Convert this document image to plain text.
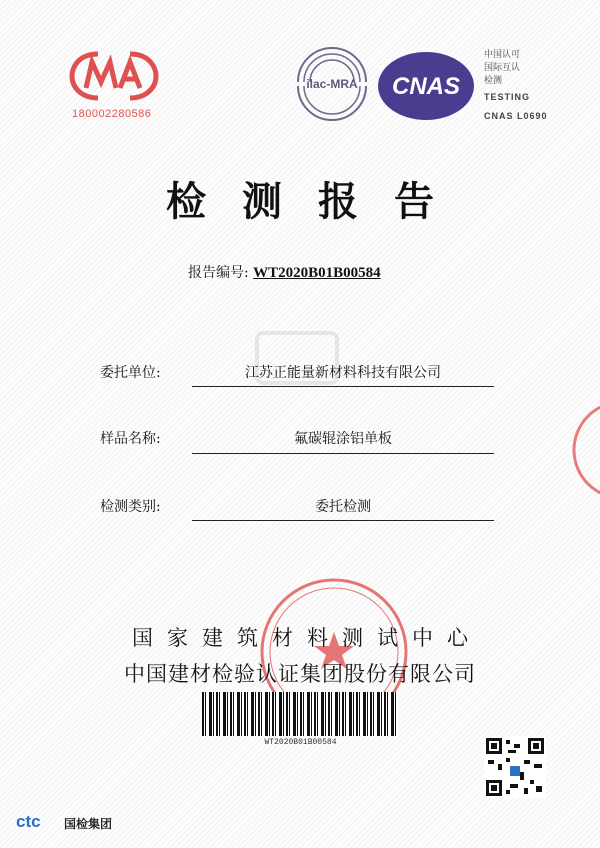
180002280586
ilac-MRA CNAS
中国认可
国际互认
检测
TESTING
CNAS L0690
检测报告
报告编号: WT2020B01B00584
委托单位:	江苏正能量新材料科技有限公司
样品名称:	氟碳辊涂铝单板
检测类别:	委托检测
国家建筑材料测试中心
中国建材检验认证集团股份有限公司
WT2020B01B00584
ctc 国检集团
